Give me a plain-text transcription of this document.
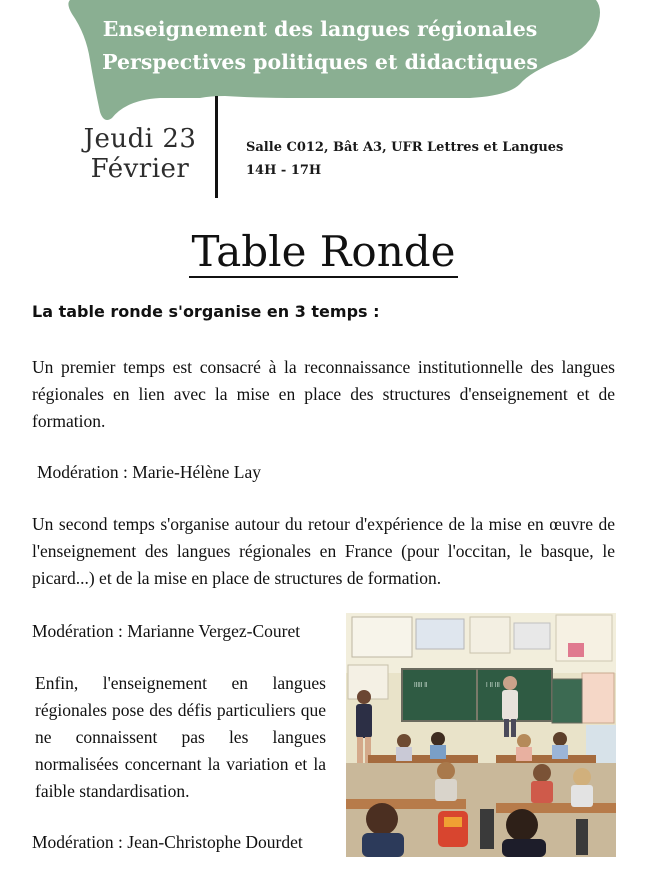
Enseignement des langues régionales
Perspectives politiques et didactiques
Jeudi 23
Février
Salle C012, Bât A3, UFR Lettres et Langues
14H - 17H
Table Ronde
La table ronde s'organise en 3 temps :
Un premier temps est consacré à la reconnaissance institutionnelle des langues régionales en lien avec la mise en place des structures d'enseignement et de formation.
Modération : Marie-Hélène Lay
Un second temps s'organise autour du retour d'expérience de la mise en œuvre de l'enseignement des langues régionales en France (pour l'occitan, le basque, le picard...) et de la mise en place de structures de formation.
Modération : Marianne Vergez-Couret
Enfin, l'enseignement en langues régionales pose des défis particuliers que ne connaissent pas les langues normalisées concernant la variation et la faible standardisation.
Modération : Jean-Christophe Dourdet
lllll ll	l ll lll
